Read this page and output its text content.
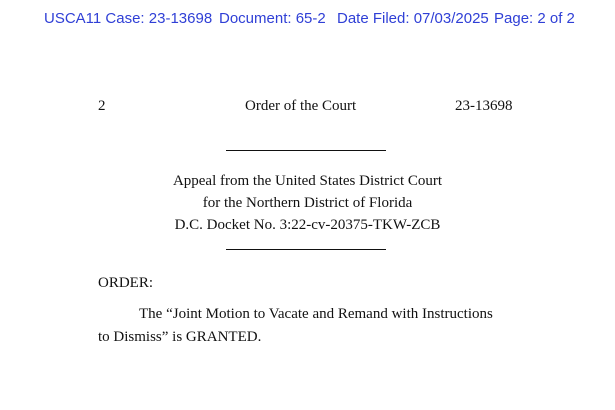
USCA11 Case: 23-13698 Document: 65-2 Date Filed: 07/03/2025 Page: 2 of 2
2	Order of the Court	23-13698
Appeal from the United States District Court
for the Northern District of Florida
D.C. Docket No. 3:22-cv-20375-TKW-ZCB
ORDER:
The “Joint Motion to Vacate and Remand with Instructions
to Dismiss” is GRANTED.
